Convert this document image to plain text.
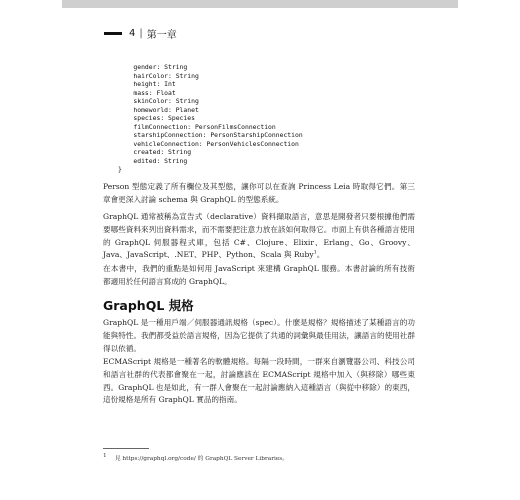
4 | 第一章
gender: String
hairColor: String
height: Int
mass: Float
skinColor: String
homeworld: Planet
species: Species
filmConnection: PersonFilmsConnection
starshipConnection: PersonStarshipConnection
vehicleConnection: PersonVehiclesConnection
created: String
edited: String
}

Person 型態定義了所有欄位及其型態，讓你可以在查詢 Princess Leia 時取得它們。第三章會更深入討論 schema 與 GraphQL 的型態系統。

GraphQL 通常被稱為宣告式（declarative）資料擷取語言，意思是開發者只要根據他們需要哪些資料來列出資料需求，而不需要把注意力放在該如何取得它。市面上有供各種語言使用的 GraphQL 伺服器程式庫，包括 C#、Clojure、Elixir、Erlang、Go、Groovy、Java、JavaScript、.NET、PHP、Python、Scala 與 Ruby$^1$。

在本書中，我們的重點是如何用 JavaScript 來建構 GraphQL 服務。本書討論的所有技術都適用於任何語言寫成的 GraphQL。

GraphQL 規格

GraphQL 是一種用戶端／伺服器通訊規格（spec）。什麼是規格？規格描述了某種語言的功能與特性。我們都受益於語言規格，因為它提供了共通的詞彙與最佳用法，讓語言的使用社群得以依循。

ECMAScript 規格是一種著名的軟體規格。每隔一段時間，一群來自瀏覽器公司、科技公司和語言社群的代表都會聚在一起，討論應該在 ECMAScript 規格中加入（與移除）哪些東西。GraphQL 也是如此，有一群人會聚在一起討論應納入這種語言（與從中移除）的東西，這份規格是所有 GraphQL 實品的指南。

1 見 https://graphql.org/code/ 的 GraphQL Server Libraries。
